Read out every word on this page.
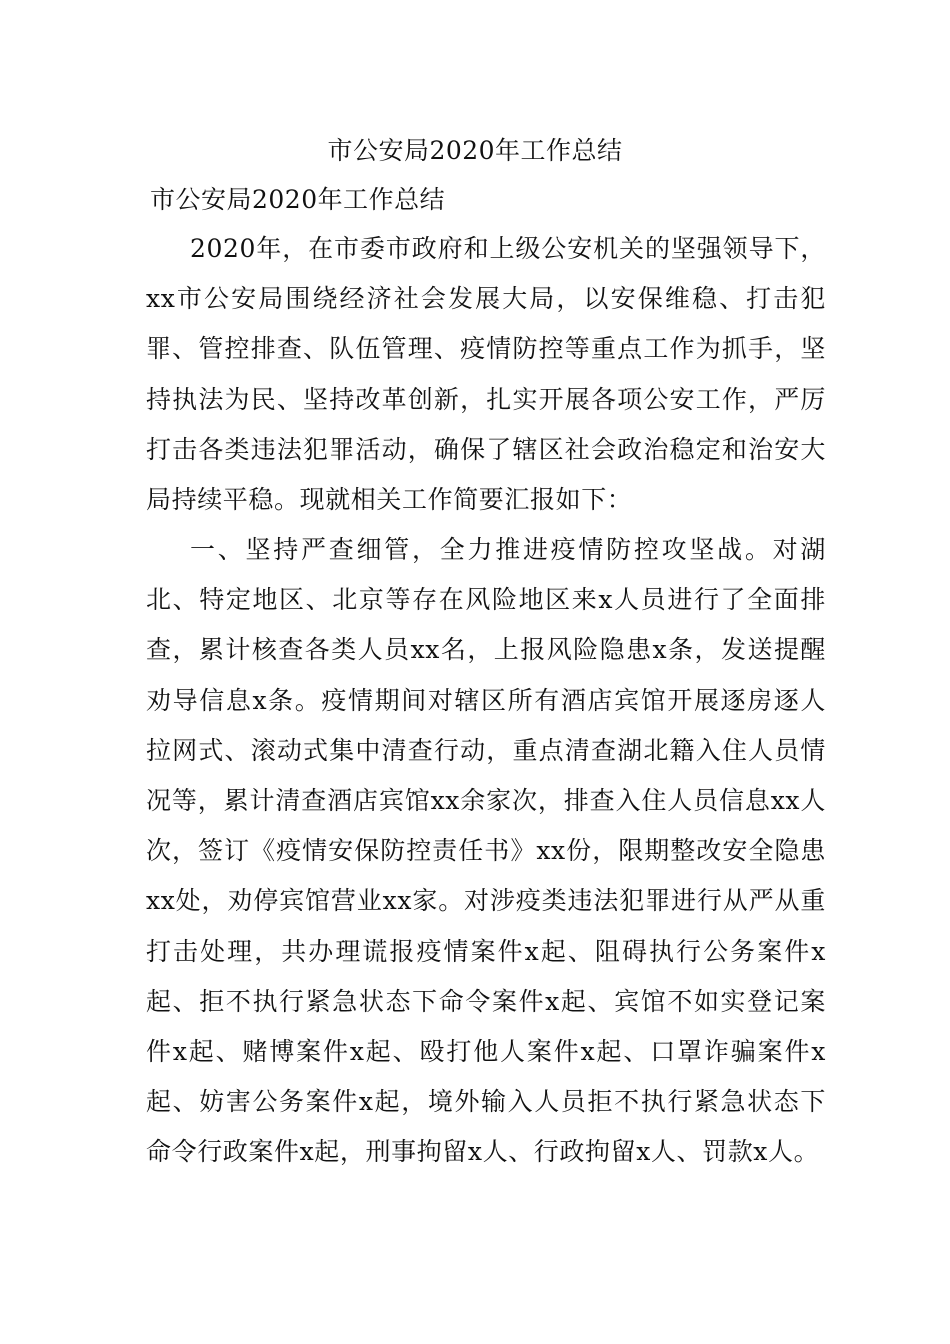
市公安局2020年工作总结
市公安局2020年工作总结

2020年，在市委市政府和上级公安机关的坚强领导下，xx市公安局围绕经济社会发展大局，以安保维稳、打击犯罪、管控排查、队伍管理、疫情防控等重点工作为抓手，坚持执法为民、坚持改革创新，扎实开展各项公安工作，严厉打击各类违法犯罪活动，确保了辖区社会政治稳定和治安大局持续平稳。现就相关工作简要汇报如下：

一、坚持严查细管，全力推进疫情防控攻坚战。对湖北、特定地区、北京等存在风险地区来x人员进行了全面排查，累计核查各类人员xx名，上报风险隐患x条，发送提醒劝导信息x条。疫情期间对辖区所有酒店宾馆开展逐房逐人拉网式、滚动式集中清查行动，重点清查湖北籍入住人员情况等，累计清查酒店宾馆xx余家次，排查入住人员信息xx人次，签订《疫情安保防控责任书》xx份，限期整改安全隐患xx处，劝停宾馆营业xx家。对涉疫类违法犯罪进行从严从重打击处理，共办理谎报疫情案件x起、阻碍执行公务案件x起、拒不执行紧急状态下命令案件x起、宾馆不如实登记案件x起、赌博案件x起、殴打他人案件x起、口罩诈骗案件x起、妨害公务案件x起，境外输入人员拒不执行紧急状态下命令行政案件x起，刑事拘留x人、行政拘留x人、罚款x人。
